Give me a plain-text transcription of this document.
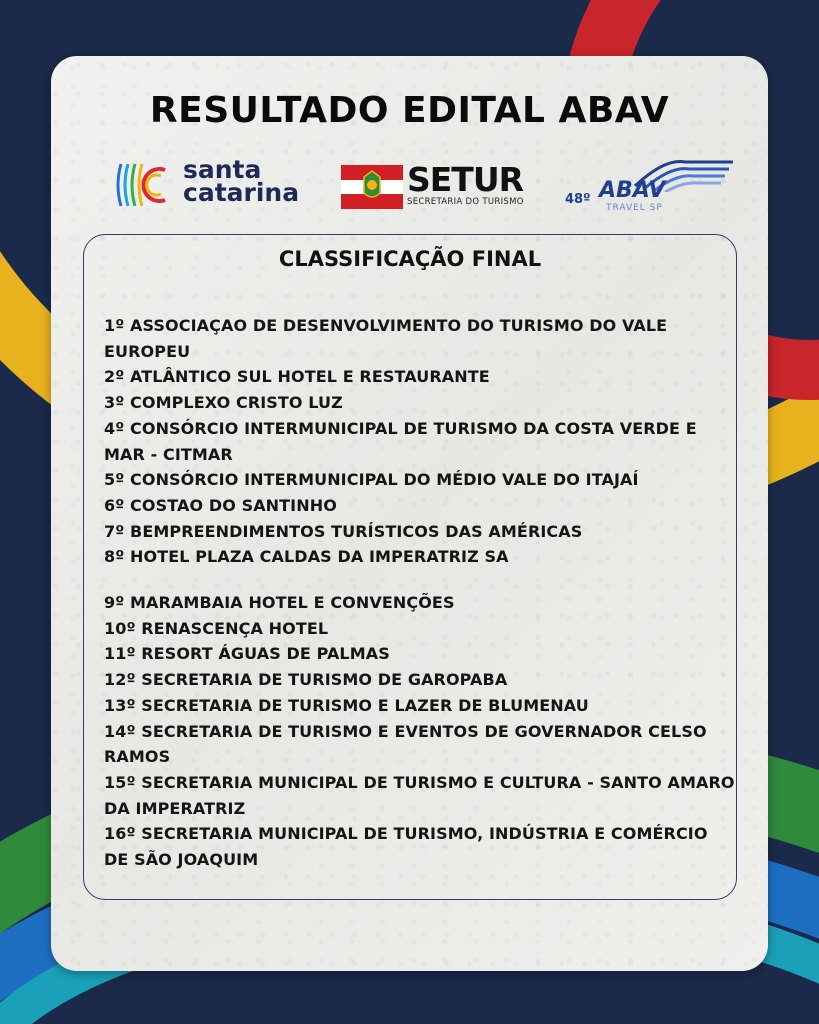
RESULTADO EDITAL ABAV
santa
catarina	SETUR
SECRETARIA DO TURISMO	48º ABAV
TRAVEL SP
CLASSIFICAÇÃO FINAL
1º ASSOCIAÇAO DE DESENVOLVIMENTO DO TURISMO DO VALE EUROPEU
2º ATLÂNTICO SUL HOTEL E RESTAURANTE
3º COMPLEXO CRISTO LUZ
4º CONSÓRCIO INTERMUNICIPAL DE TURISMO DA COSTA VERDE E MAR - CITMAR
5º CONSÓRCIO INTERMUNICIPAL DO MÉDIO VALE DO ITAJAÍ
6º COSTAO DO SANTINHO
7º BEMPREENDIMENTOS TURÍSTICOS DAS AMÉRICAS
8º HOTEL PLAZA CALDAS DA IMPERATRIZ SA
9º MARAMBAIA HOTEL E CONVENÇÕES
10º RENASCENÇA HOTEL
11º RESORT ÁGUAS DE PALMAS
12º SECRETARIA DE TURISMO DE GAROPABA
13º SECRETARIA DE TURISMO E LAZER DE BLUMENAU
14º SECRETARIA DE TURISMO E EVENTOS DE GOVERNADOR CELSO RAMOS
15º SECRETARIA MUNICIPAL DE TURISMO E CULTURA - SANTO AMARO DA IMPERATRIZ
16º SECRETARIA MUNICIPAL DE TURISMO, INDÚSTRIA E COMÉRCIO DE SÃO JOAQUIM
